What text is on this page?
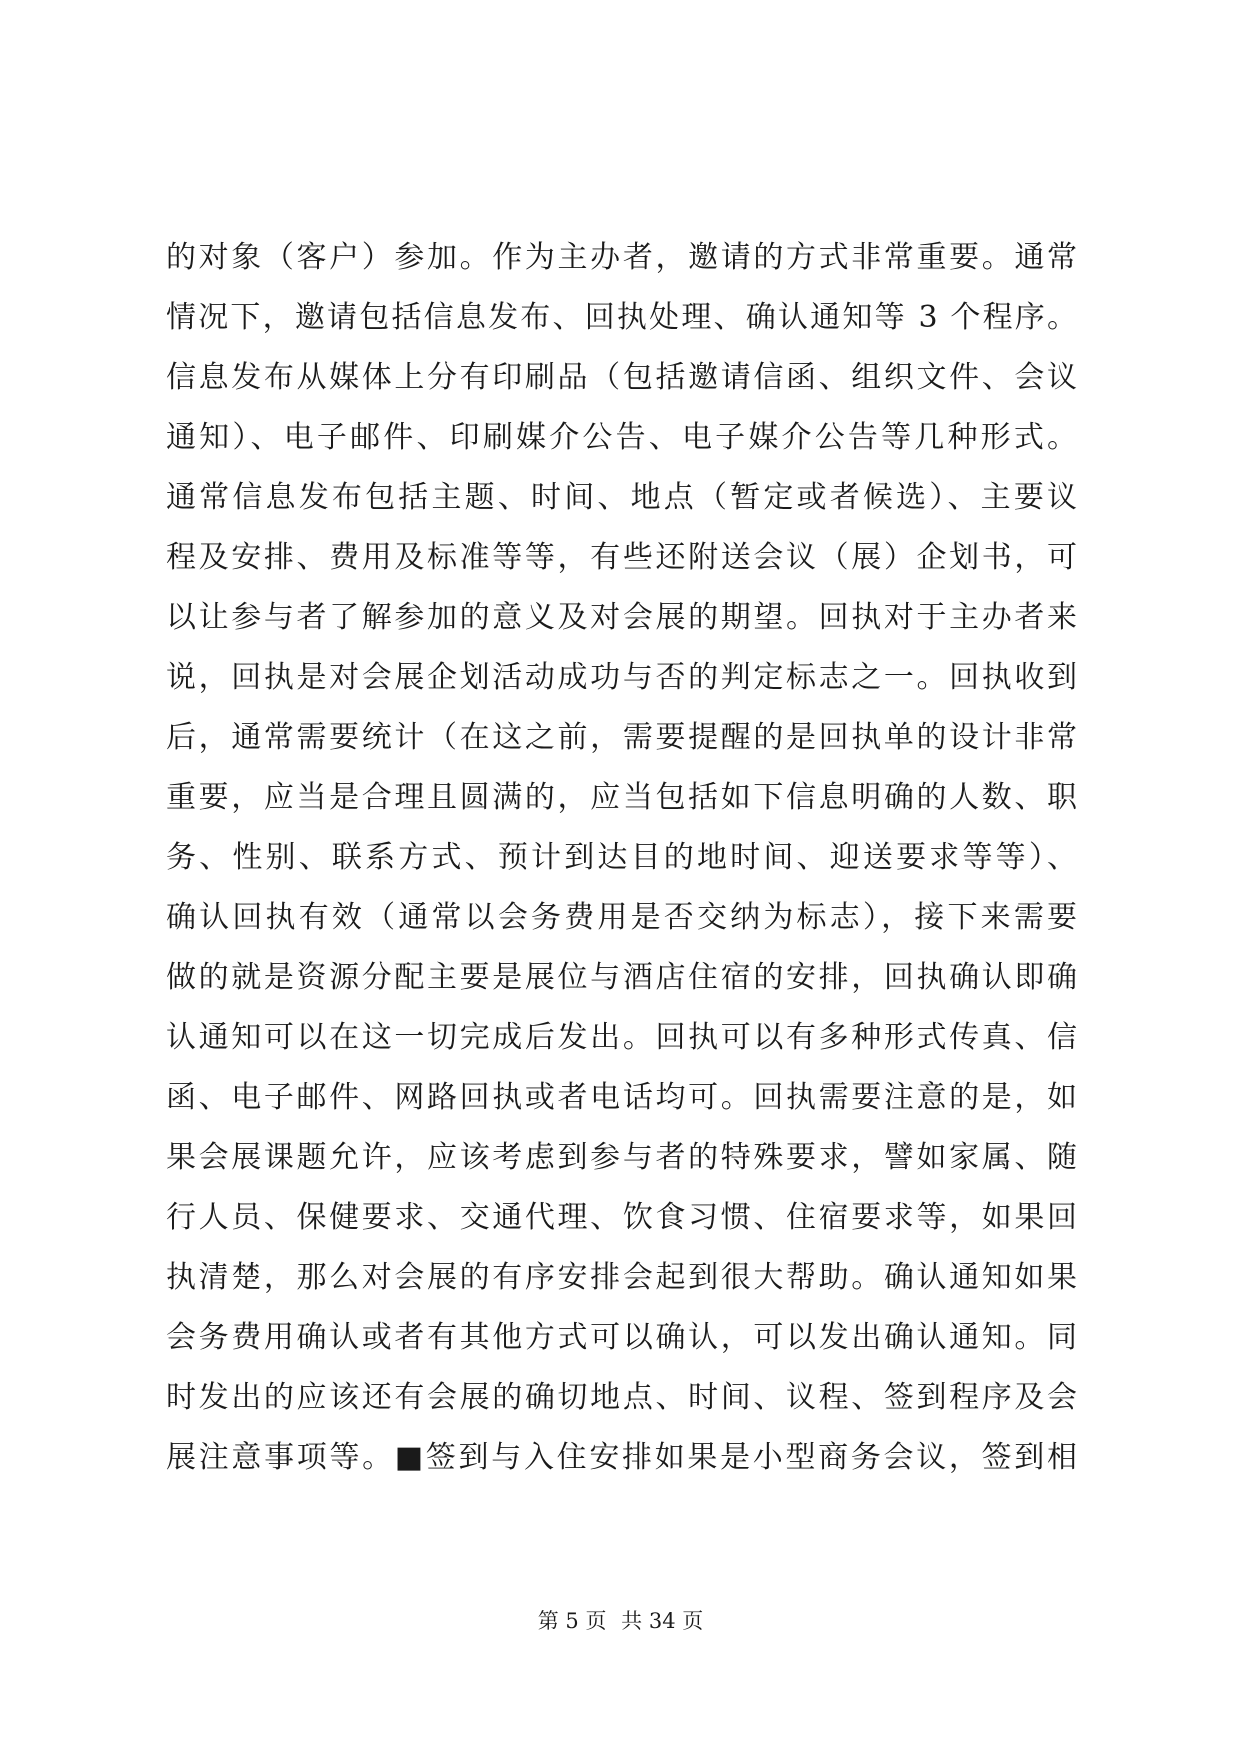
的对象（客户）参加。作为主办者，邀请的方式非常重要。通常
情况下，邀请包括信息发布、回执处理、确认通知等 3 个程序。
信息发布从媒体上分有印刷品（包括邀请信函、组织文件、会议
通知）、电子邮件、印刷媒介公告、电子媒介公告等几种形式。
通常信息发布包括主题、时间、地点（暂定或者候选）、主要议
程及安排、费用及标准等等，有些还附送会议（展）企划书，可
以让参与者了解参加的意义及对会展的期望。回执对于主办者来
说，回执是对会展企划活动成功与否的判定标志之一。回执收到
后，通常需要统计（在这之前，需要提醒的是回执单的设计非常
重要，应当是合理且圆满的，应当包括如下信息明确的人数、职
务、性别、联系方式、预计到达目的地时间、迎送要求等等）、
确认回执有效（通常以会务费用是否交纳为标志），接下来需要
做的就是资源分配主要是展位与酒店住宿的安排，回执确认即确
认通知可以在这一切完成后发出。回执可以有多种形式传真、信
函、电子邮件、网路回执或者电话均可。回执需要注意的是，如
果会展课题允许，应该考虑到参与者的特殊要求，譬如家属、随
行人员、保健要求、交通代理、饮食习惯、住宿要求等，如果回
执清楚，那么对会展的有序安排会起到很大帮助。确认通知如果
会务费用确认或者有其他方式可以确认，可以发出确认通知。同
时发出的应该还有会展的确切地点、时间、议程、签到程序及会
展注意事项等。■签到与入住安排如果是小型商务会议，签到相
第 5 页 共 34 页
